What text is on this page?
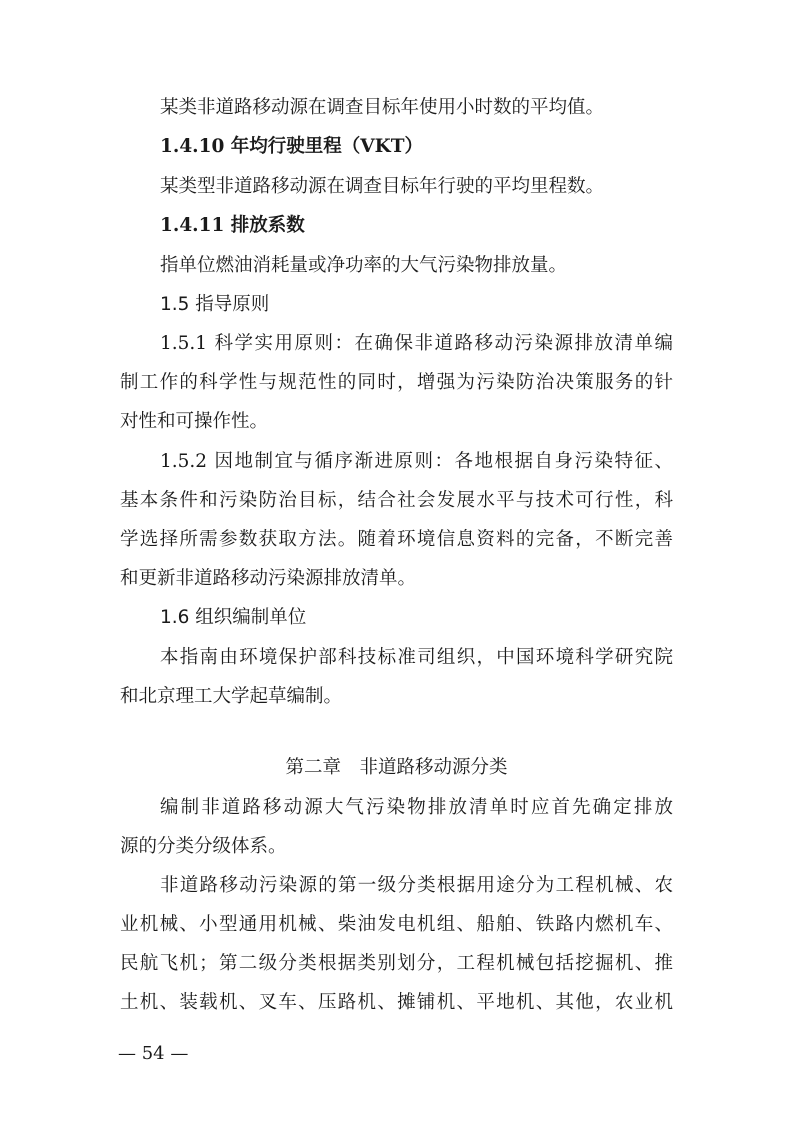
某类非道路移动源在调查目标年使用小时数的平均值。
1.4.10 年均行驶里程（VKT）
某类型非道路移动源在调查目标年行驶的平均里程数。
1.4.11 排放系数
指单位燃油消耗量或净功率的大气污染物排放量。
1.5 指导原则
1.5.1 科学实用原则：在确保非道路移动污染源排放清单编
制工作的科学性与规范性的同时，增强为污染防治决策服务的针
对性和可操作性。
1.5.2 因地制宜与循序渐进原则：各地根据自身污染特征、
基本条件和污染防治目标，结合社会发展水平与技术可行性，科
学选择所需参数获取方法。随着环境信息资料的完备，不断完善
和更新非道路移动污染源排放清单。
1.6 组织编制单位
本指南由环境保护部科技标准司组织，中国环境科学研究院
和北京理工大学起草编制。
第二章　非道路移动源分类
编制非道路移动源大气污染物排放清单时应首先确定排放
源的分类分级体系。
非道路移动污染源的第一级分类根据用途分为工程机械、农
业机械、小型通用机械、柴油发电机组、船舶、铁路内燃机车、
民航飞机；第二级分类根据类别划分，工程机械包括挖掘机、推
土机、装载机、叉车、压路机、摊铺机、平地机、其他，农业机
— 54 —
